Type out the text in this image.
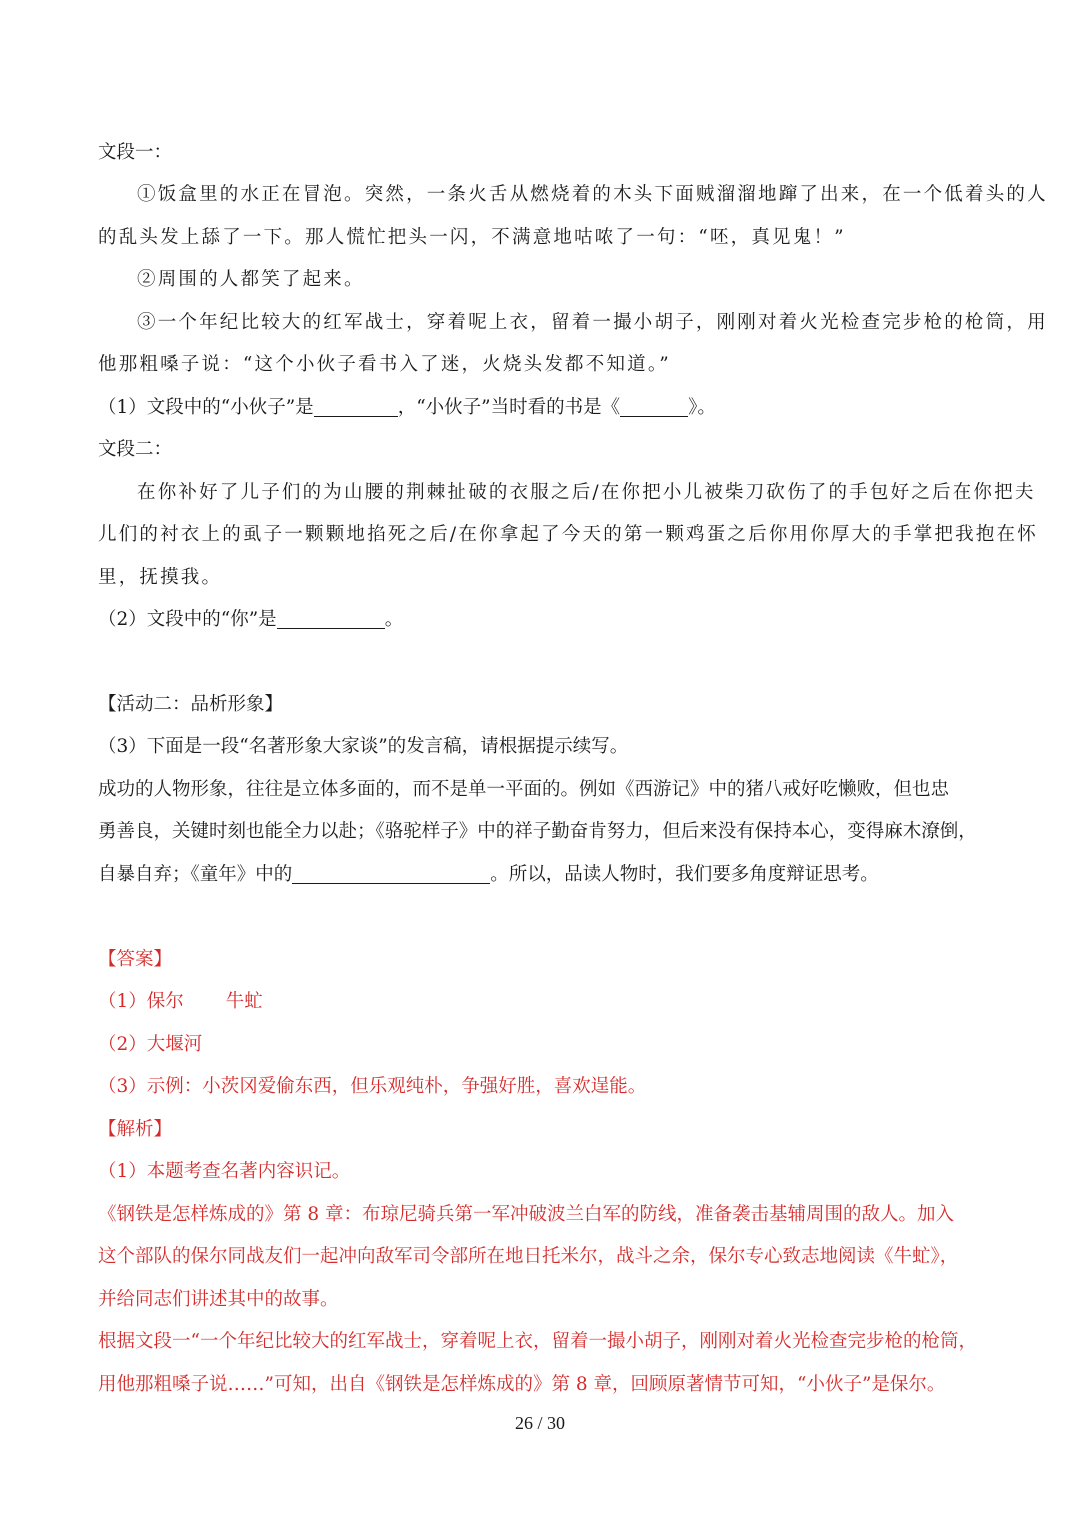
文段一：
①饭盒里的水正在冒泡。突然，一条火舌从燃烧着的木头下面贼溜溜地蹿了出来，在一个低着头的人
的乱头发上舔了一下。那人慌忙把头一闪，不满意地咕哝了一句：“呸，真见鬼！”
②周围的人都笑了起来。
③一个年纪比较大的红军战士，穿着呢上衣，留着一撮小胡子，刚刚对着火光检查完步枪的枪筒，用
他那粗嗓子说：“这个小伙子看书入了迷，火烧头发都不知道。”
（1）文段中的“小伙子”是	，“小伙子”当时看的书是《	》。
文段二：
在你补好了儿子们的为山腰的荆棘扯破的衣服之后/在你把小儿被柴刀砍伤了的手包好之后在你把夫
儿们的衬衣上的虱子一颗颗地掐死之后/在你拿起了今天的第一颗鸡蛋之后你用你厚大的手掌把我抱在怀
里，抚摸我。
（2）文段中的“你”是	。
【活动二：品析形象】
（3）下面是一段“名著形象大家谈”的发言稿，请根据提示续写。
成功的人物形象，往往是立体多面的，而不是单一平面的。例如《西游记》中的猪八戒好吃懒败，但也忠
勇善良，关键时刻也能全力以赴；《骆驼样子》中的祥子勤奋肯努力，但后来没有保持本心，变得麻木潦倒，
自暴自弃；《童年》中的	。所以，品读人物时，我们要多角度辩证思考。
【答案】
（1）保尔 牛虻
（2）大堰河
（3）示例：小茨冈爱偷东西，但乐观纯朴，争强好胜，喜欢逞能。
【解析】
（1）本题考查名著内容识记。
《钢铁是怎样炼成的》第 8 章：布琼尼骑兵第一军冲破波兰白军的防线，准备袭击基辅周围的敌人。加入
这个部队的保尔同战友们一起冲向敌军司令部所在地日托米尔，战斗之余，保尔专心致志地阅读《牛虻》，
并给同志们讲述其中的故事。
根据文段一“一个年纪比较大的红军战士，穿着呢上衣，留着一撮小胡子，刚刚对着火光检查完步枪的枪筒，
用他那粗嗓子说……”可知，出自《钢铁是怎样炼成的》第 8 章，回顾原著情节可知，“小伙子”是保尔。
26 / 30
